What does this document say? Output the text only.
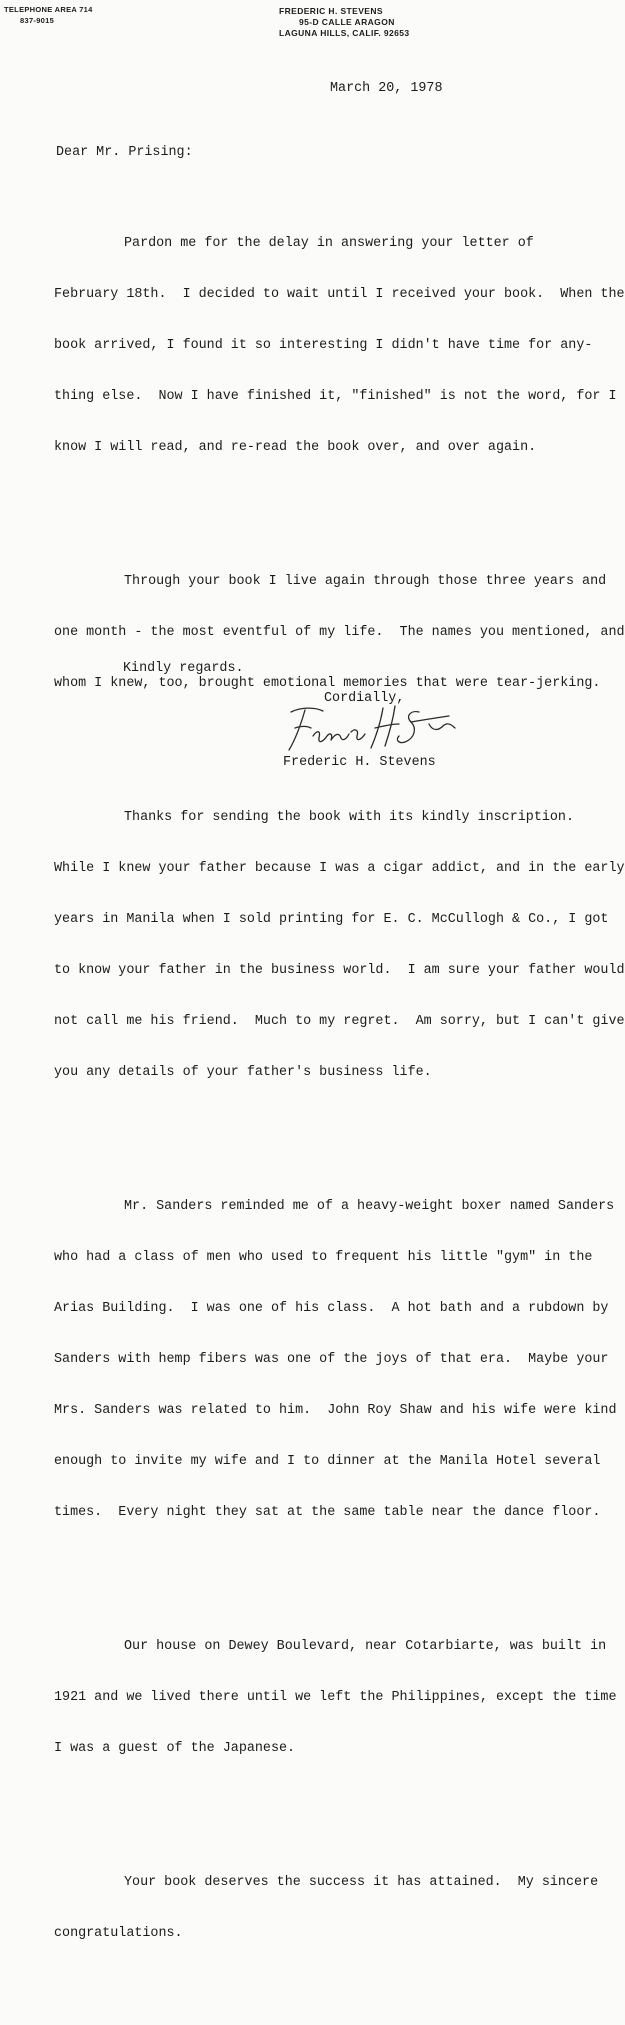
TELEPHONE AREA 714
837-9015
FREDERIC H. STEVENS
95-D CALLE ARAGON
LAGUNA HILLS, CALIF. 92653
March 20, 1978
Dear Mr. Prising:

Pardon me for the delay in answering your letter of

February 18th.  I decided to wait until I received your book.  When the

book arrived, I found it so interesting I didn't have time for any-

thing else.  Now I have finished it, "finished" is not the word, for I

know I will read, and re-read the book over, and over again.

Through your book I live again through those three years and

one month - the most eventful of my life.  The names you mentioned, and

whom I knew, too, brought emotional memories that were tear-jerking.

Thanks for sending the book with its kindly inscription.

While I knew your father because I was a cigar addict, and in the early

years in Manila when I sold printing for E. C. McCullogh & Co., I got

to know your father in the business world.  I am sure your father would

not call me his friend.  Much to my regret.  Am sorry, but I can't give

you any details of your father's business life.

Mr. Sanders reminded me of a heavy-weight boxer named Sanders

who had a class of men who used to frequent his little "gym" in the

Arias Building.  I was one of his class.  A hot bath and a rubdown by

Sanders with hemp fibers was one of the joys of that era.  Maybe your

Mrs. Sanders was related to him.  John Roy Shaw and his wife were kind

enough to invite my wife and I to dinner at the Manila Hotel several

times.  Every night they sat at the same table near the dance floor.

Our house on Dewey Boulevard, near Cotarbiarte, was built in

1921 and we lived there until we left the Philippines, except the time

I was a guest of the Japanese.

Your book deserves the success it has attained.  My sincere

congratulations.

Kindly regards.
Cordially,
Frederic H. Stevens
